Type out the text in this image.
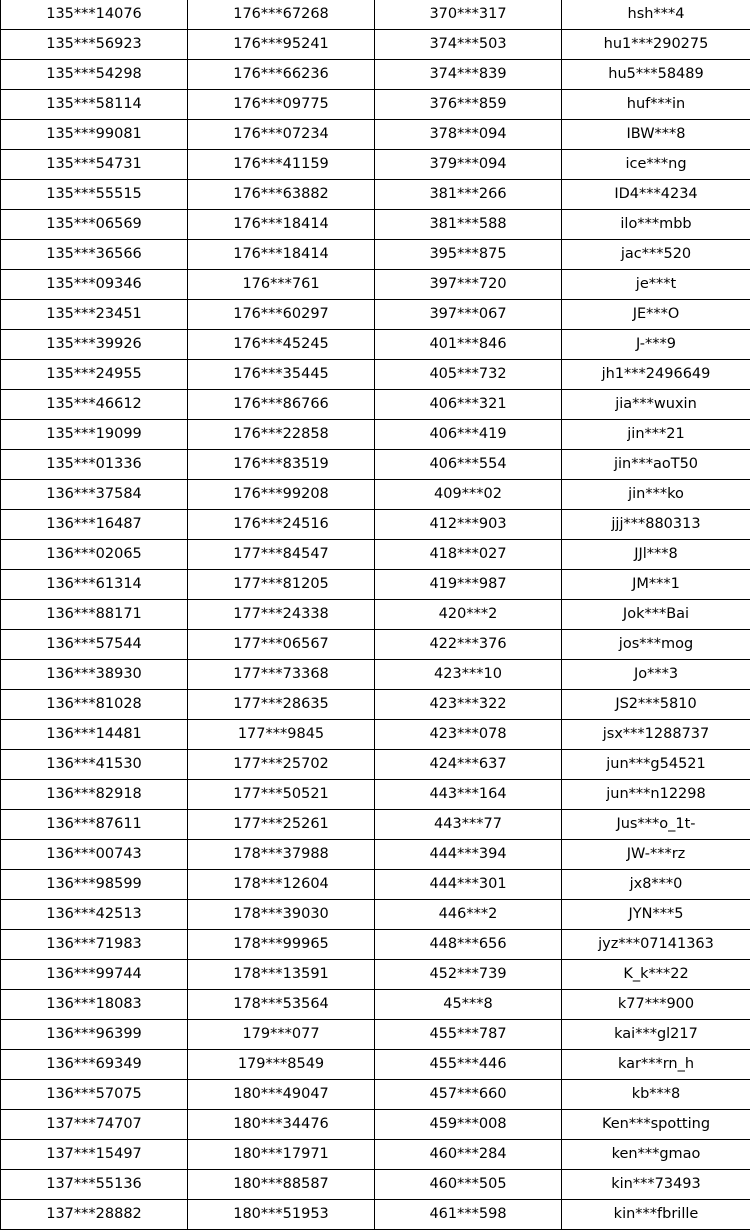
135***14076	176***67268	370***317	hsh***4
135***56923	176***95241	374***503	hu1***290275
135***54298	176***66236	374***839	hu5***58489
135***58114	176***09775	376***859	huf***in
135***99081	176***07234	378***094	IBW***8
135***54731	176***41159	379***094	ice***ng
135***55515	176***63882	381***266	ID4***4234
135***06569	176***18414	381***588	ilo***mbb
135***36566	176***18414	395***875	jac***520
135***09346	176***761	397***720	je***t
135***23451	176***60297	397***067	JE***O
135***39926	176***45245	401***846	J-***9
135***24955	176***35445	405***732	jh1***2496649
135***46612	176***86766	406***321	jia***wuxin
135***19099	176***22858	406***419	jin***21
135***01336	176***83519	406***554	jin***aoT50
136***37584	176***99208	409***02	jin***ko
136***16487	176***24516	412***903	jjj***880313
136***02065	177***84547	418***027	JJl***8
136***61314	177***81205	419***987	JM***1
136***88171	177***24338	420***2	Jok***Bai
136***57544	177***06567	422***376	jos***mog
136***38930	177***73368	423***10	Jo***3
136***81028	177***28635	423***322	JS2***5810
136***14481	177***9845	423***078	jsx***1288737
136***41530	177***25702	424***637	jun***g54521
136***82918	177***50521	443***164	jun***n12298
136***87611	177***25261	443***77	Jus***o_1t-
136***00743	178***37988	444***394	JW-***rz
136***98599	178***12604	444***301	jx8***0
136***42513	178***39030	446***2	JYN***5
136***71983	178***99965	448***656	jyz***07141363
136***99744	178***13591	452***739	K_k***22
136***18083	178***53564	45***8	k77***900
136***96399	179***077	455***787	kai***gl217
136***69349	179***8549	455***446	kar***rn_h
136***57075	180***49047	457***660	kb***8
137***74707	180***34476	459***008	Ken***spotting
137***15497	180***17971	460***284	ken***gmao
137***55136	180***88587	460***505	kin***73493
137***28882	180***51953	461***598	kin***fbrille
